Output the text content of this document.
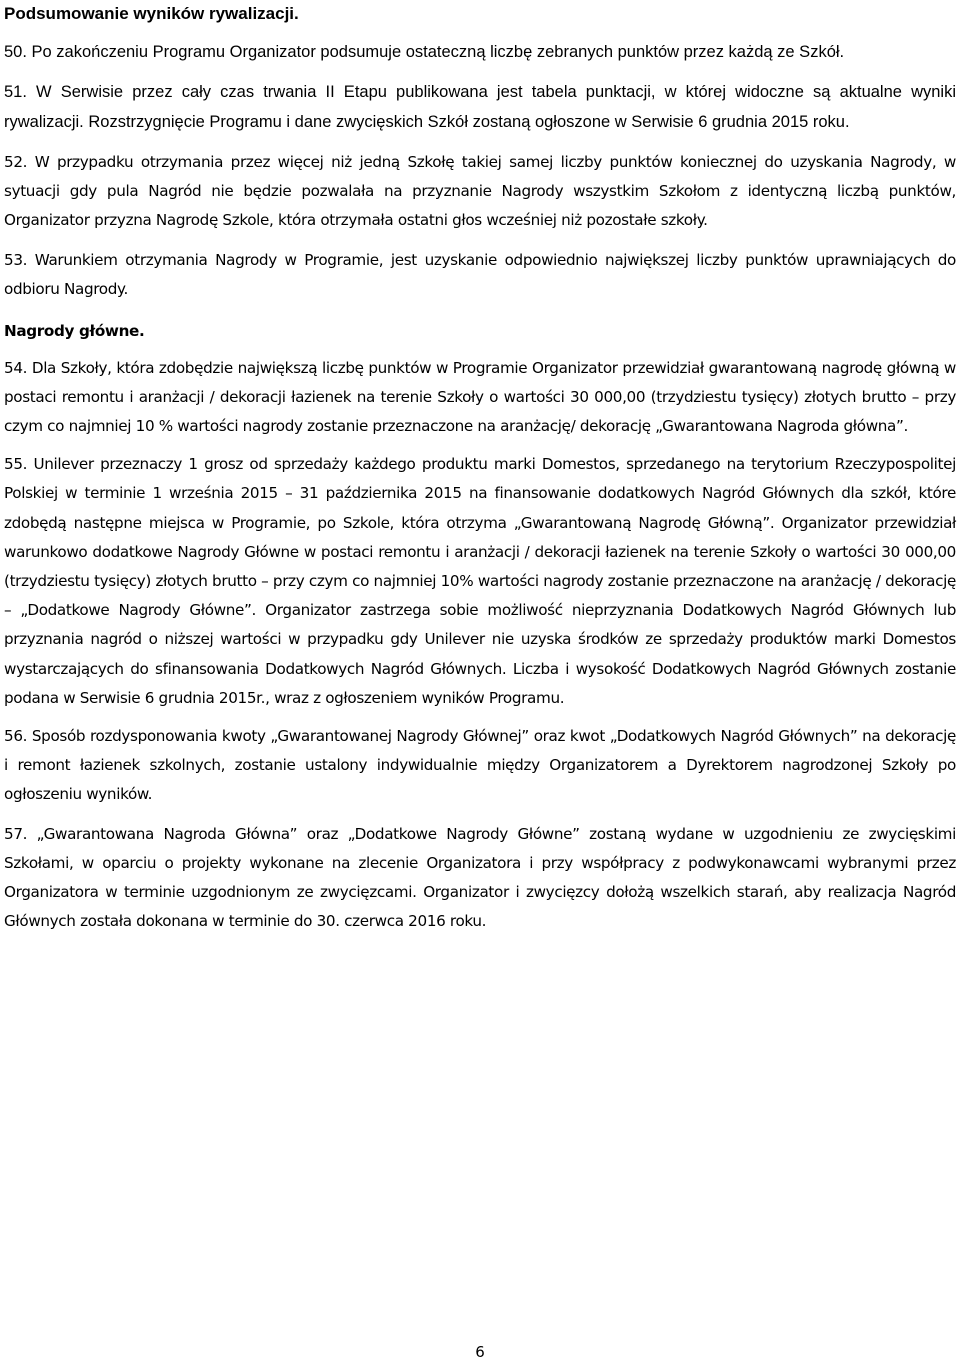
Podsumowanie wyników rywalizacji.

50. Po zakończeniu Programu Organizator podsumuje ostateczną liczbę zebranych punktów przez każdą ze Szkół.

51. W Serwisie przez cały czas trwania II Etapu publikowana jest tabela punktacji, w której widoczne są aktualne wyniki rywalizacji. Rozstrzygnięcie Programu i dane zwycięskich Szkół zostaną ogłoszone w Serwisie 6 grudnia 2015 roku.

52. W przypadku otrzymania przez więcej niż jedną Szkołę takiej samej liczby punktów koniecznej do uzyskania Nagrody, w sytuacji gdy pula Nagród nie będzie pozwalała na przyznanie Nagrody wszystkim Szkołom z identyczną liczbą punktów, Organizator przyzna Nagrodę Szkole, która otrzymała ostatni głos wcześniej niż pozostałe szkoły.

53. Warunkiem otrzymania Nagrody w Programie, jest uzyskanie odpowiednio największej liczby punktów uprawniających do odbioru Nagrody.

Nagrody główne.

54. Dla Szkoły, która zdobędzie największą liczbę punktów w Programie Organizator przewidział gwarantowaną nagrodę główną w postaci remontu i aranżacji / dekoracji łazienek na terenie Szkoły o wartości 30 000,00 (trzydziestu tysięcy) złotych brutto – przy czym co najmniej 10 % wartości nagrody zostanie przeznaczone na aranżację/ dekorację „Gwarantowana Nagroda główna”.

55. Unilever przeznaczy 1 grosz od sprzedaży każdego produktu marki Domestos, sprzedanego na terytorium Rzeczypospolitej Polskiej w terminie 1 września 2015 – 31 października 2015 na finansowanie dodatkowych Nagród Głównych dla szkół, które zdobędą następne miejsca w Programie, po Szkole, która otrzyma „Gwarantowaną Nagrodę Główną”. Organizator przewidział warunkowo dodatkowe Nagrody Główne w postaci remontu i aranżacji / dekoracji łazienek na terenie Szkoły o wartości 30 000,00 (trzydziestu tysięcy) złotych brutto – przy czym co najmniej 10% wartości nagrody zostanie przeznaczone na aranżację / dekorację – „Dodatkowe Nagrody Główne”. Organizator zastrzega sobie możliwość nieprzyznania Dodatkowych Nagród Głównych lub przyznania nagród o niższej wartości w przypadku gdy Unilever nie uzyska środków ze sprzedaży produktów marki Domestos wystarczających do sfinansowania Dodatkowych Nagród Głównych. Liczba i wysokość Dodatkowych Nagród Głównych zostanie podana w Serwisie 6 grudnia 2015r., wraz z ogłoszeniem wyników Programu.

56. Sposób rozdysponowania kwoty „Gwarantowanej Nagrody Głównej” oraz kwot „Dodatkowych Nagród Głównych” na dekorację i remont łazienek szkolnych, zostanie ustalony indywidualnie między Organizatorem a Dyrektorem nagrodzonej Szkoły po ogłoszeniu wyników.

57. „Gwarantowana Nagroda Główna” oraz „Dodatkowe Nagrody Główne” zostaną wydane w uzgodnieniu ze zwycięskimi Szkołami, w oparciu o projekty wykonane na zlecenie Organizatora i przy współpracy z podwykonawcami wybranymi przez Organizatora w terminie uzgodnionym ze zwycięzcami. Organizator i zwycięzcy dołożą wszelkich starań, aby realizacja Nagród Głównych została dokonana w terminie do 30. czerwca 2016 roku.

6
